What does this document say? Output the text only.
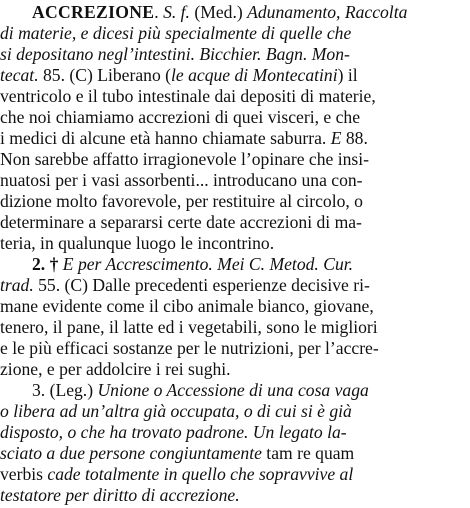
ACCREZIONE. S. f. (Med.) Adunamento, Raccolta
di materie, e dicesi più specialmente di quelle che
si depositano negl’intestini. Bicchier. Bagn. Mon-
tecat. 85. (C) Liberano (le acque di Montecatini) il
ventricolo e il tubo intestinale dai depositi di materie,
che noi chiamiamo accrezioni di quei visceri, e che
i medici di alcune età hanno chiamate saburra. E 88.
Non sarebbe affatto irragionevole l’opinare che insi-
nuatosi per i vasi assorbenti... introducano una con-
dizione molto favorevole, per restituire al circolo, o
determinare a separarsi certe date accrezioni di ma-
teria, in qualunque luogo le incontrino.
2. † E per Accrescimento. Mei C. Metod. Cur.
trad. 55. (C) Dalle precedenti esperienze decisive ri-
mane evidente come il cibo animale bianco, giovane,
tenero, il pane, il latte ed i vegetabili, sono le migliori
e le più efficaci sostanze per le nutrizioni, per l’accre-
zione, e per addolcire i rei sughi.
3. (Leg.) Unione o Accessione di una cosa vaga
o libera ad un’altra già occupata, o di cui si è già
disposto, o che ha trovato padrone. Un legato la-
sciato a due persone congiuntamente tam re quam
verbis cade totalmente in quello che sopravvive al
testatore per diritto di accrezione.
